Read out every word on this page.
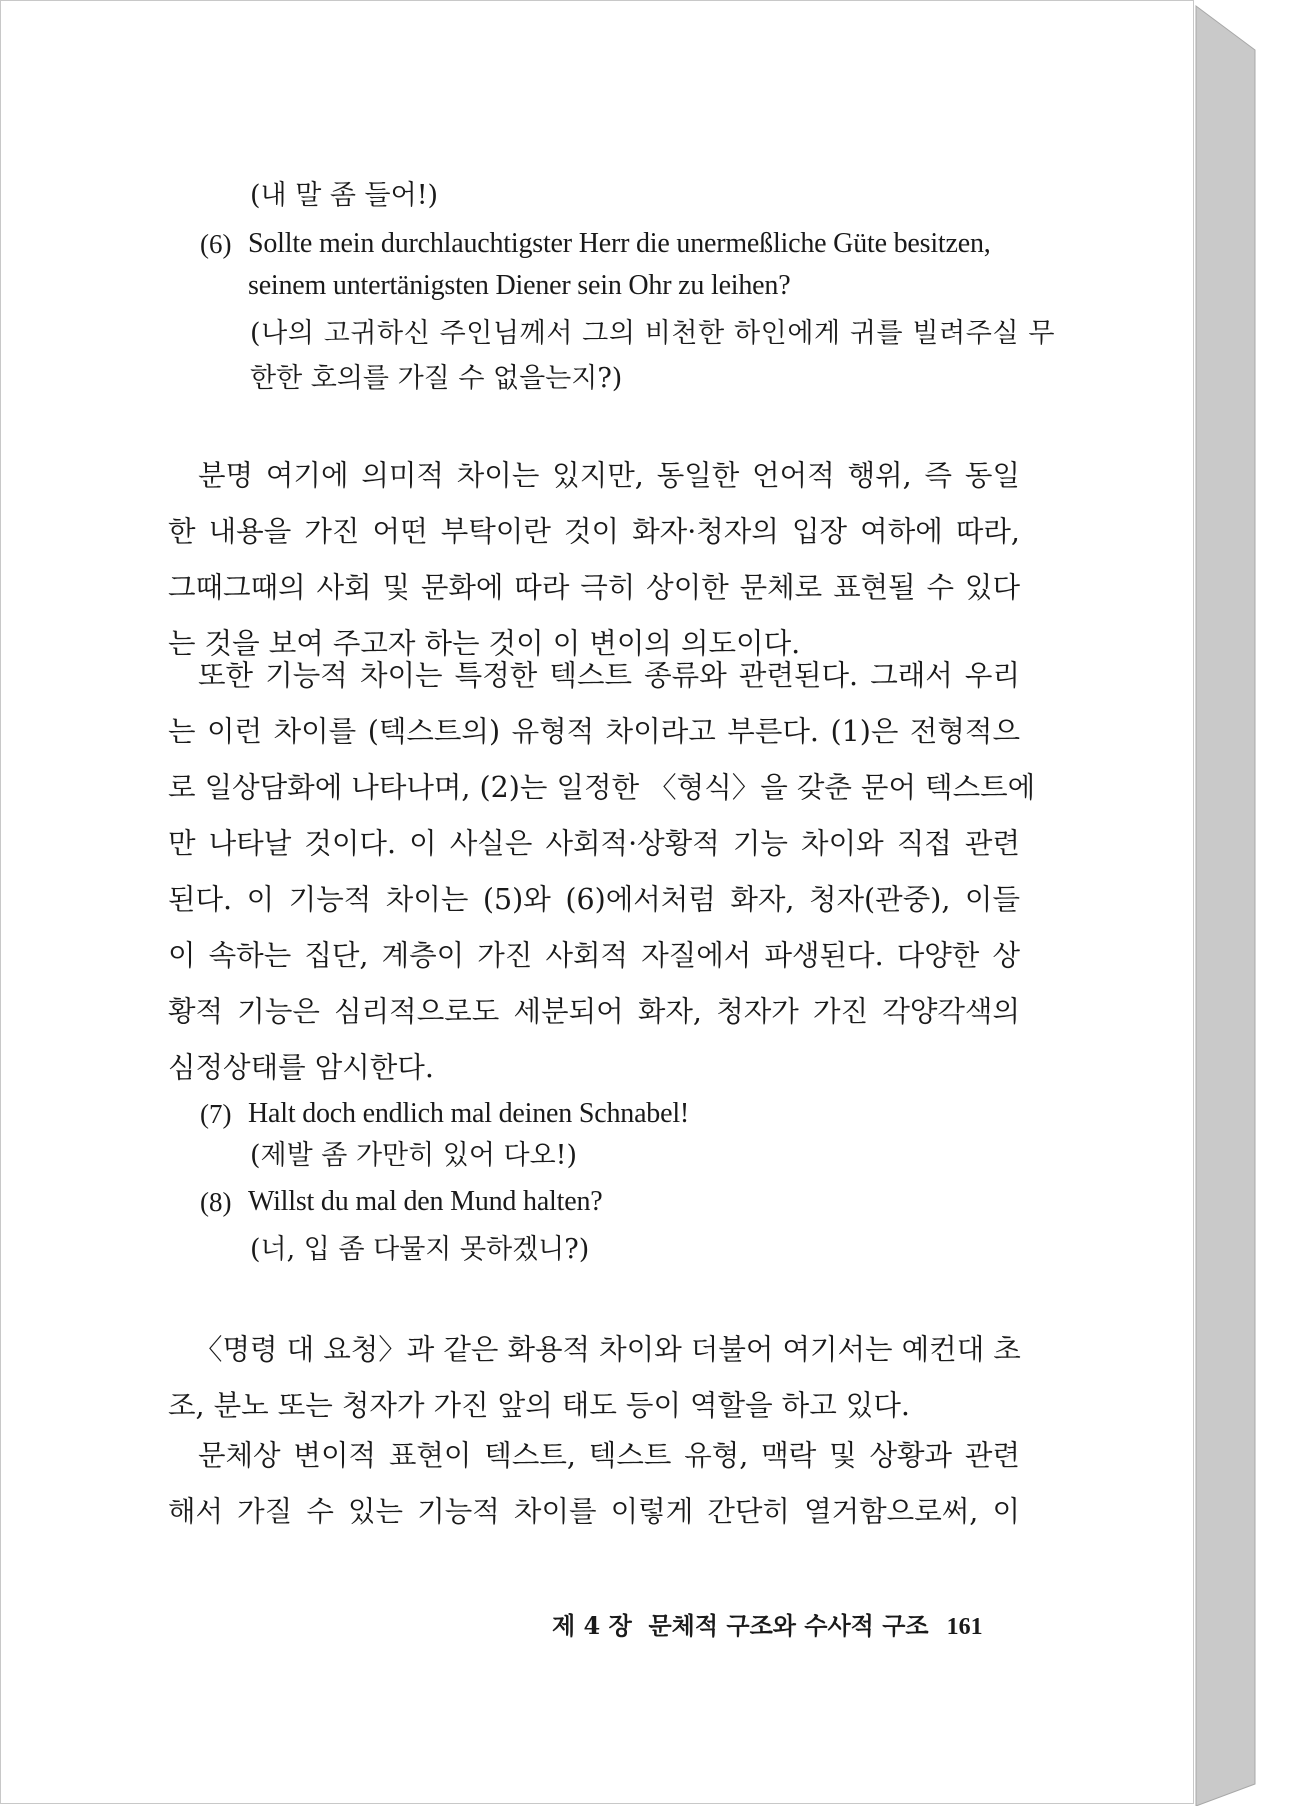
(내 말 좀 들어!)
(6) Sollte mein durchlauchtigster Herr die unermeßliche Güte besitzen,
seinem untertänigsten Diener sein Ohr zu leihen?
(나의 고귀하신 주인님께서 그의 비천한 하인에게 귀를 빌려주실 무
한한 호의를 가질 수 없을는지?)
분명 여기에 의미적 차이는 있지만, 동일한 언어적 행위, 즉 동일
한 내용을 가진 어떤 부탁이란 것이 화자·청자의 입장 여하에 따라,
그때그때의 사회 및 문화에 따라 극히 상이한 문체로 표현될 수 있다
는 것을 보여 주고자 하는 것이 이 변이의 의도이다.
또한 기능적 차이는 특정한 텍스트 종류와 관련된다. 그래서 우리
는 이런 차이를 (텍스트의) 유형적 차이라고 부른다. (1)은 전형적으
로 일상담화에 나타나며, (2)는 일정한 〈형식〉을 갖춘 문어 텍스트에
만 나타날 것이다. 이 사실은 사회적·상황적 기능 차이와 직접 관련
된다. 이 기능적 차이는 (5)와 (6)에서처럼 화자, 청자(관중), 이들
이 속하는 집단, 계층이 가진 사회적 자질에서 파생된다. 다양한 상
황적 기능은 심리적으로도 세분되어 화자, 청자가 가진 각양각색의
심정상태를 암시한다.
(7) Halt doch endlich mal deinen Schnabel!
(제발 좀 가만히 있어 다오!)
(8) Willst du mal den Mund halten?
(너, 입 좀 다물지 못하겠니?)
〈명령 대 요청〉과 같은 화용적 차이와 더불어 여기서는 예컨대 초
조, 분노 또는 청자가 가진 앞의 태도 등이 역할을 하고 있다.
문체상 변이적 표현이 텍스트, 텍스트 유형, 맥락 및 상황과 관련
해서 가질 수 있는 기능적 차이를 이렇게 간단히 열거함으로써, 이
제 4 장  문체적 구조와 수사적 구조 161
